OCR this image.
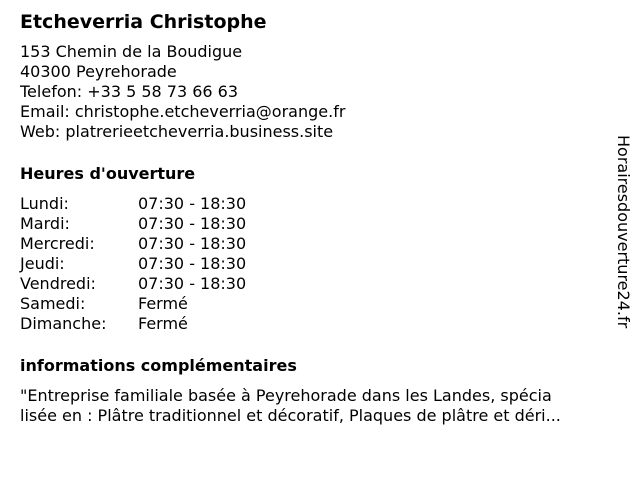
Etcheverria Christophe
153 Chemin de la Boudigue
40300 Peyrehorade
Telefon: +33 5 58 73 66 63
Email: christophe.etcheverria@orange.fr
Web: platrerieetcheverria.business.site
Heures d'ouverture
Lundi:	07:30 - 18:30
Mardi:	07:30 - 18:30
Mercredi:	07:30 - 18:30
Jeudi:	07:30 - 18:30
Vendredi:	07:30 - 18:30
Samedi:	Fermé
Dimanche:	Fermé
informations complémentaires
"Entreprise familiale basée à Peyrehorade dans les Landes, spécia
lisée en : Plâtre traditionnel et décoratif, Plaques de plâtre et déri...
Horairesdouverture24.fr
